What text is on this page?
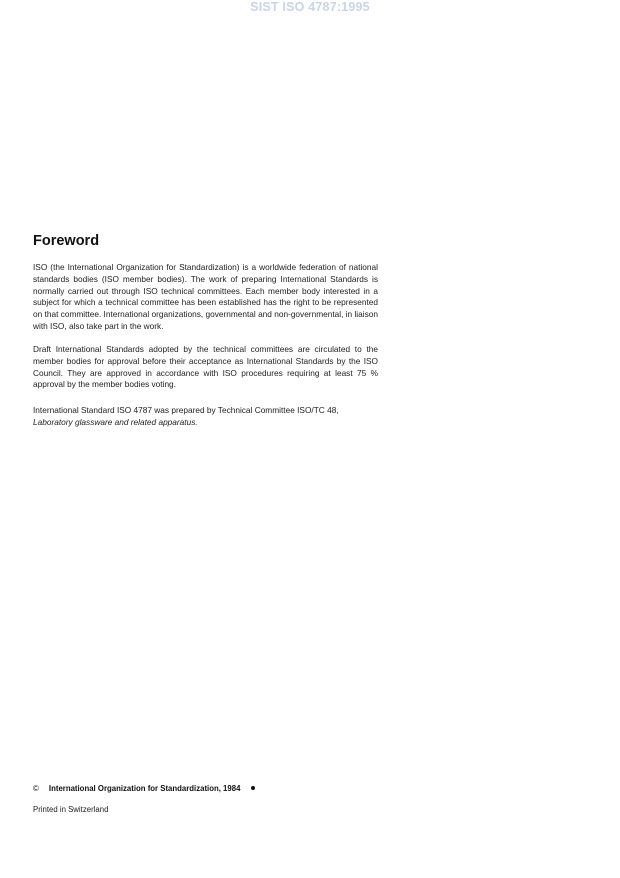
SIST ISO 4787:1995
Foreword
ISO (the International Organization for Standardization) is a worldwide federation of national standards bodies (ISO member bodies). The work of preparing International Standards is normally carried out through ISO technical committees. Each member body interested in a subject for which a technical committee has been established has the right to be represented on that committee. International organizations, governmental and non-governmental, in liaison with ISO, also take part in the work.
Draft International Standards adopted by the technical committees are circulated to the member bodies for approval before their acceptance as International Standards by the ISO Council. They are approved in accordance with ISO procedures requiring at least 75 % approval by the member bodies voting.
International Standard ISO 4787 was prepared by Technical Committee ISO/TC 48,
Laboratory glassware and related apparatus.
© International Organization for Standardization, 1984
Printed in Switzerland
